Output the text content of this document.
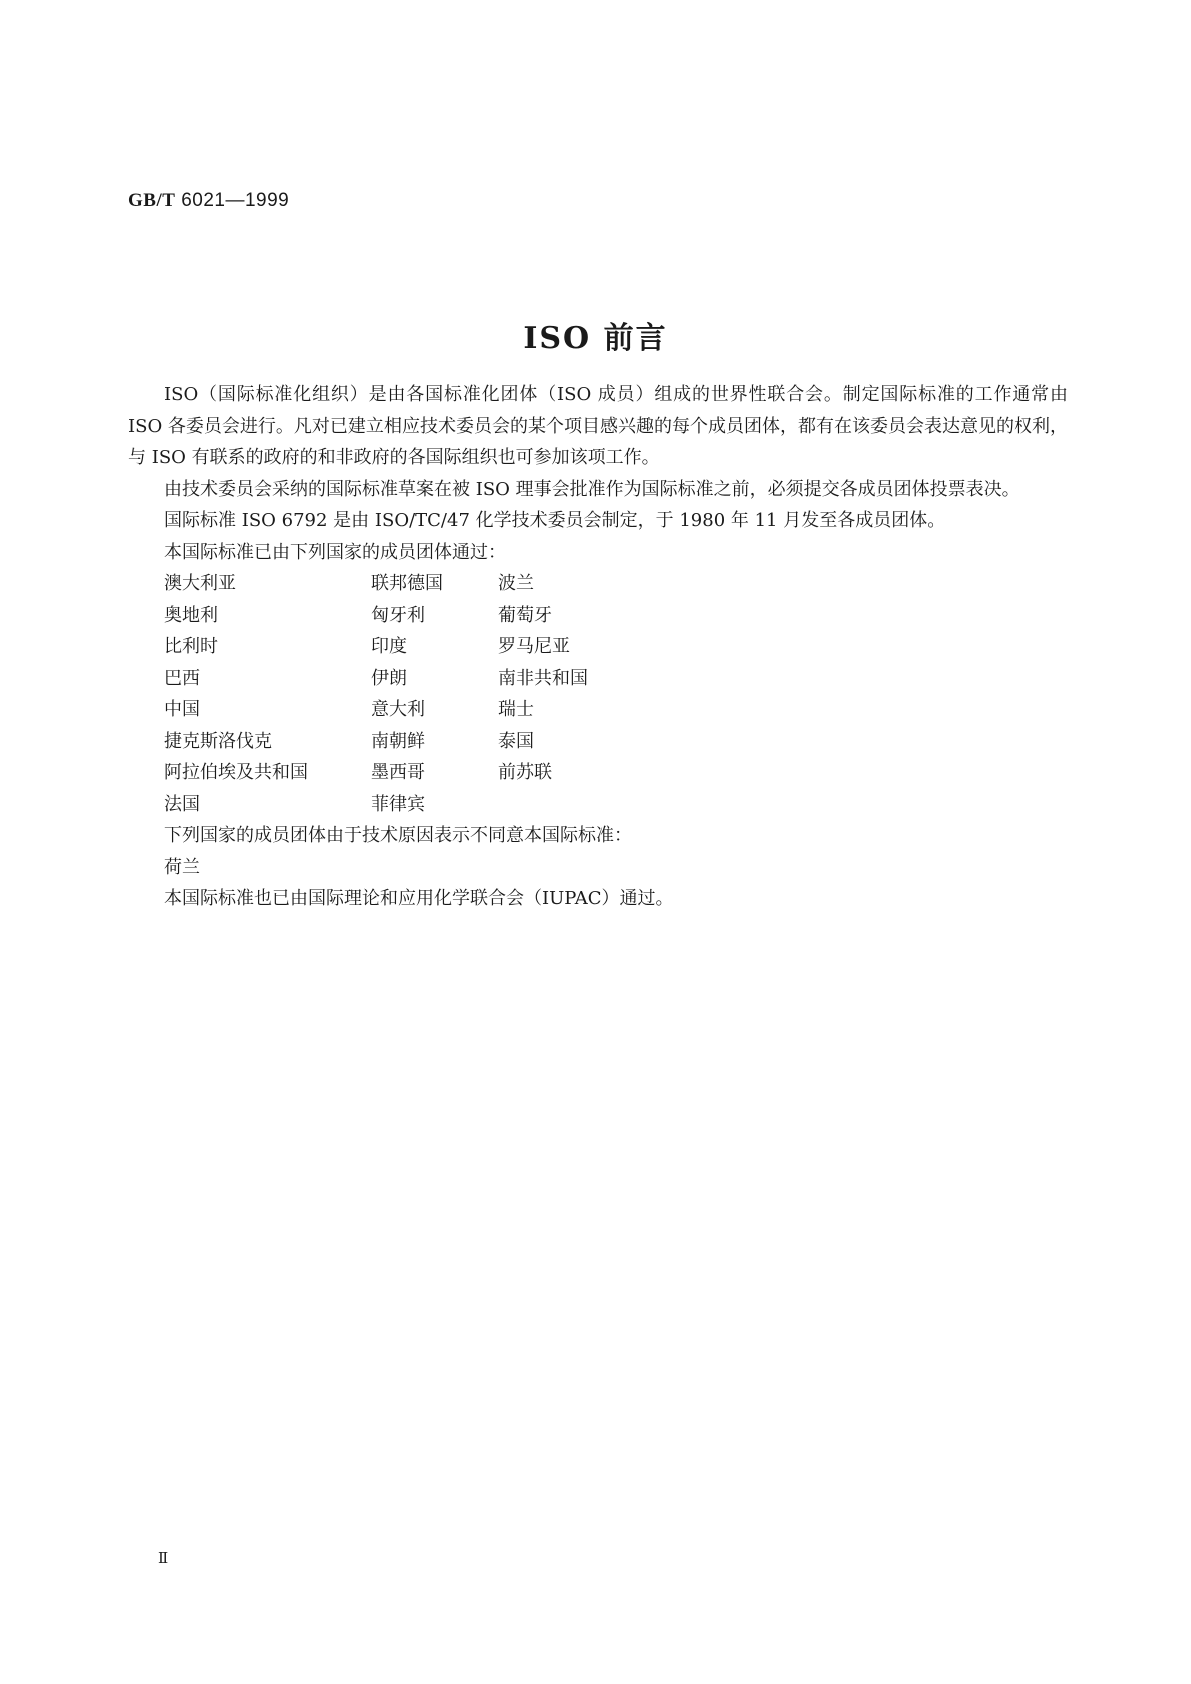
GB/T 6021—1999
ISO 前言

ISO（国际标准化组织）是由各国标准化团体（ISO 成员）组成的世界性联合会。制定国际标准的工作通常由 ISO 各委员会进行。凡对已建立相应技术委员会的某个项目感兴趣的每个成员团体，都有在该委员会表达意见的权利，与 ISO 有联系的政府的和非政府的各国际组织也可参加该项工作。

由技术委员会采纳的国际标准草案在被 ISO 理事会批准作为国际标准之前，必须提交各成员团体投票表决。

国际标准 ISO 6792 是由 ISO/TC/47 化学技术委员会制定，于 1980 年 11 月发至各成员团体。

本国际标准已由下列国家的成员团体通过：
澳大利亚	联邦德国	波兰
奥地利	匈牙利	葡萄牙
比利时	印度	罗马尼亚
巴西	伊朗	南非共和国
中国	意大利	瑞士
捷克斯洛伐克	南朝鲜	泰国
阿拉伯埃及共和国	墨西哥	前苏联
法国	菲律宾
下列国家的成员团体由于技术原因表示不同意本国际标准：
荷兰
本国际标准也已由国际理论和应用化学联合会（IUPAC）通过。
Ⅱ
